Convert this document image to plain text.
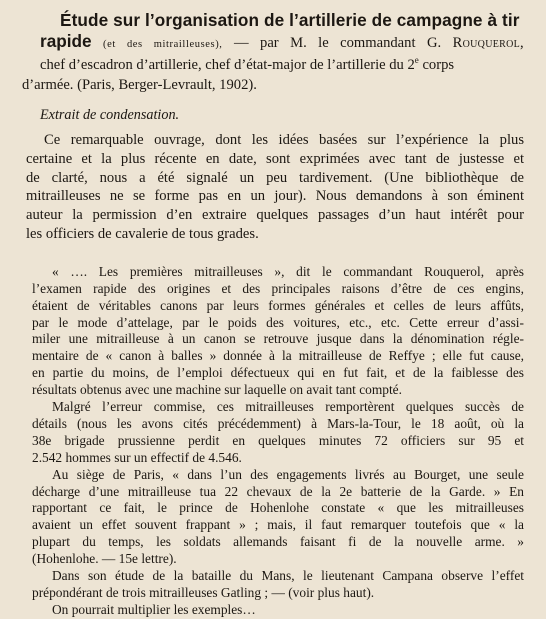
Étude sur l’organisation de l’artillerie de campagne à tir
rapide (et des mitrailleuses), — par M. le commandant G. Rouquerol,
chef d’escadron d’artillerie, chef d’état-major de l’artillerie du 2e corps
d’armée. (Paris, Berger-Levrault, 1902).
Extrait de condensation.
Ce remarquable ouvrage, dont les idées basées sur l’expérience la plus
certaine et la plus récente en date, sont exprimées avec tant de justesse et
de clarté, nous a été signalé un peu tardivement. (Une bibliothèque de
mitrailleuses ne se forme pas en un jour). Nous demandons à son éminent
auteur la permission d’en extraire quelques passages d’un haut intérêt pour
les officiers de cavalerie de tous grades.
« …. Les premières mitrailleuses », dit le commandant Rouquerol, après
l’examen rapide des origines et des principales raisons d’être de ces engins,
étaient de véritables canons par leurs formes générales et celles de leurs affûts,
par le mode d’attelage, par le poids des voitures, etc., etc. Cette erreur d’assi-
miler une mitrailleuse à un canon se retrouve jusque dans la dénomination régle-
mentaire de « canon à balles » donnée à la mitrailleuse de Reffye ; elle fut cause,
en partie du moins, de l’emploi défectueux qui en fut fait, et de la faiblesse des
résultats obtenus avec une machine sur laquelle on avait tant compté.
Malgré l’erreur commise, ces mitrailleuses remportèrent quelques succès de
détails (nous les avons cités précédemment) à Mars-la-Tour, le 18 août, où la
38e brigade prussienne perdit en quelques minutes 72 officiers sur 95 et
2.542 hommes sur un effectif de 4.546.
Au siège de Paris, « dans l’un des engagements livrés au Bourget, une seule
décharge d’une mitrailleuse tua 22 chevaux de la 2e batterie de la Garde. » En
rapportant ce fait, le prince de Hohenlohe constate « que les mitrailleuses
avaient un effet souvent frappant » ; mais, il faut remarquer toutefois que « la
plupart du temps, les soldats allemands faisant fi de la nouvelle arme. »
(Hohenlohe. — 15e lettre).
Dans son étude de la bataille du Mans, le lieutenant Campana observe l’effet
prépondérant de trois mitrailleuses Gatling ; — (voir plus haut).
On pourrait multiplier les exemples…
